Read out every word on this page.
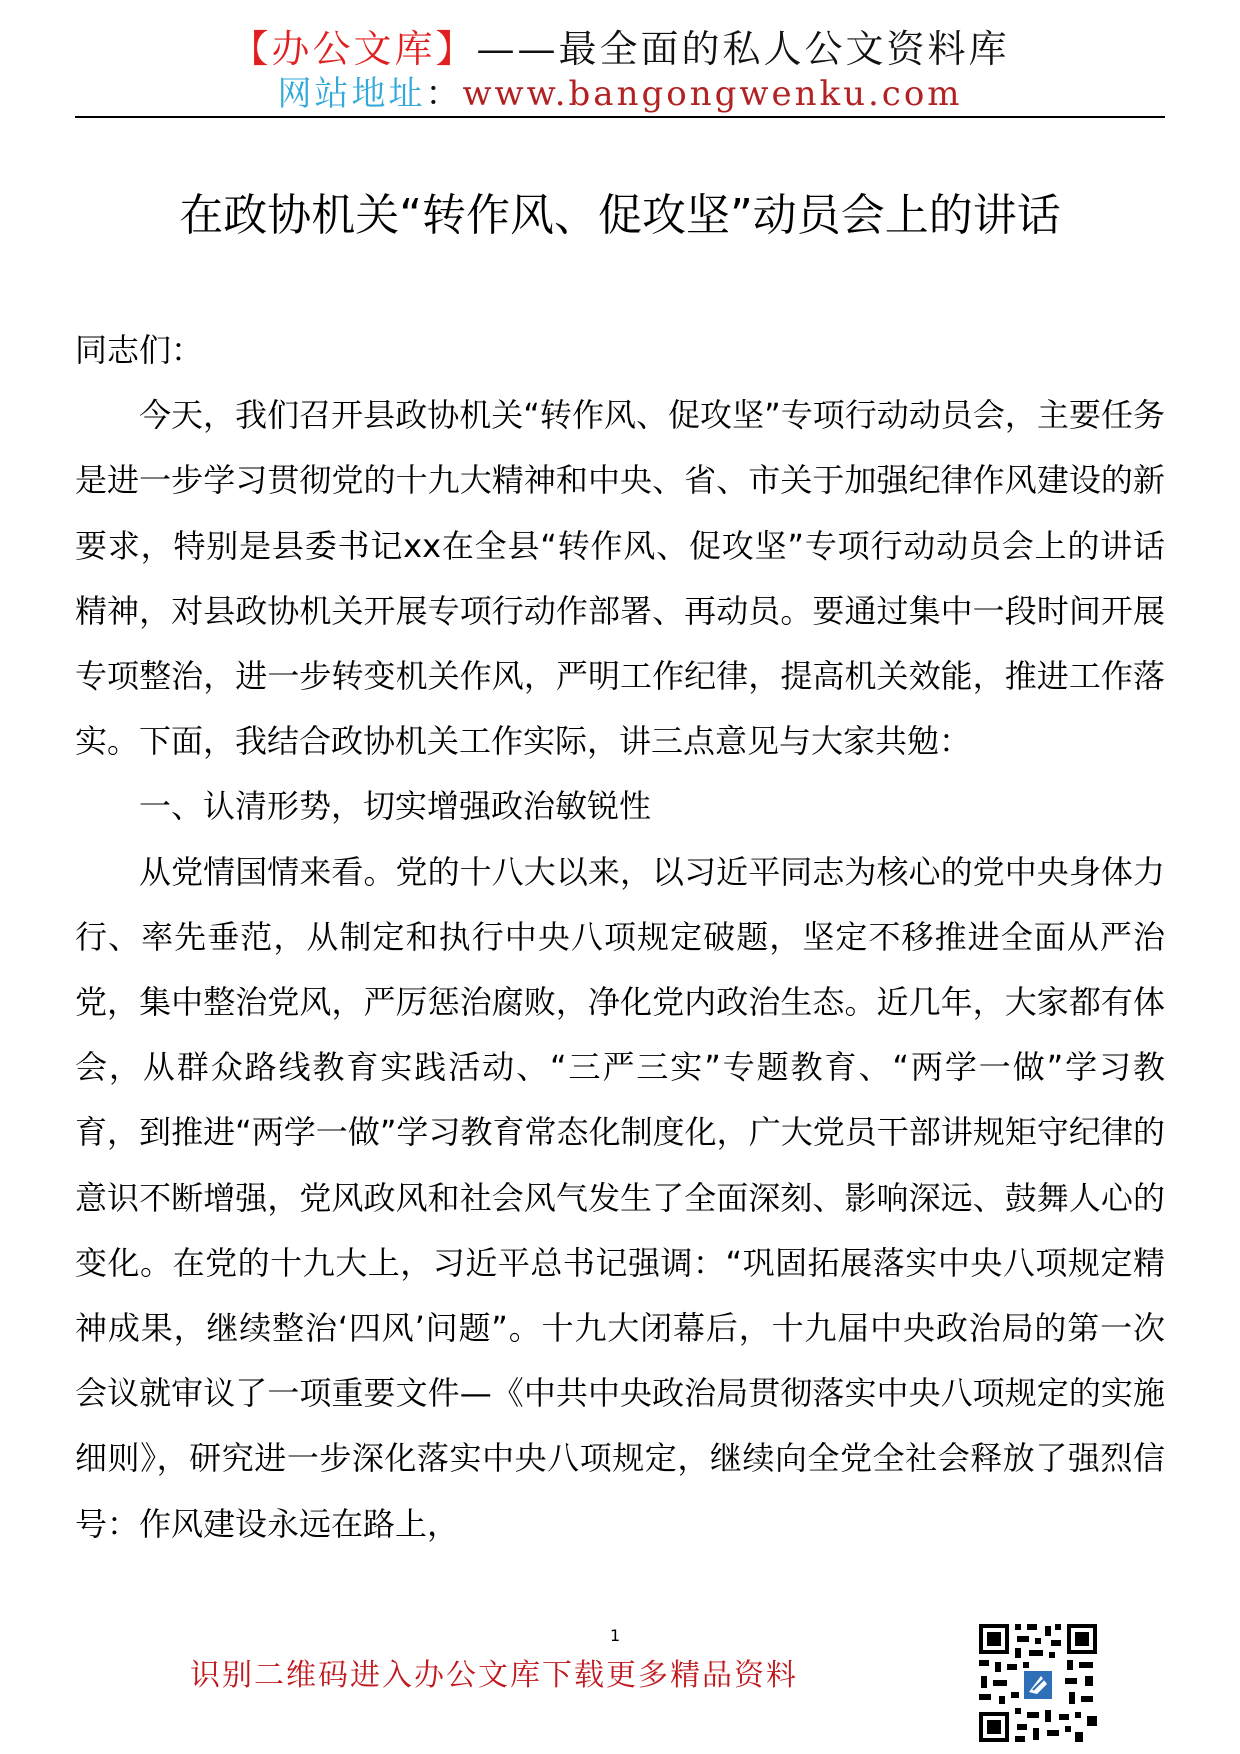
【办公文库】——最全面的私人公文资料库
网站地址：www.bangongwenku.com
在政协机关“转作风、促攻坚”动员会上的讲话

同志们：

今天，我们召开县政协机关“转作风、促攻坚”专项行动动员会，主要任务是进一步学习贯彻党的十九大精神和中央、省、市关于加强纪律作风建设的新要求，特别是县委书记xx在全县“转作风、促攻坚”专项行动动员会上的讲话精神，对县政协机关开展专项行动作部署、再动员。要通过集中一段时间开展专项整治，进一步转变机关作风，严明工作纪律，提高机关效能，推进工作落实。下面，我结合政协机关工作实际，讲三点意见与大家共勉：

一、认清形势，切实增强政治敏锐性

从党情国情来看。党的十八大以来，以习近平同志为核心的党中央身体力行、率先垂范，从制定和执行中央八项规定破题，坚定不移推进全面从严治党，集中整治党风，严厉惩治腐败，净化党内政治生态。近几年，大家都有体会，从群众路线教育实践活动、“三严三实”专题教育、“两学一做”学习教育，到推进“两学一做”学习教育常态化制度化，广大党员干部讲规矩守纪律的意识不断增强，党风政风和社会风气发生了全面深刻、影响深远、鼓舞人心的变化。在党的十九大上，习近平总书记强调：“巩固拓展落实中央八项规定精神成果，继续整治‘四风’问题”。十九大闭幕后，十九届中央政治局的第一次会议就审议了一项重要文件—《中共中央政治局贯彻落实中央八项规定的实施细则》，研究进一步深化落实中央八项规定，继续向全党全社会释放了强烈信号：作风建设永远在路上，

1
识别二维码进入办公文库下载更多精品资料
